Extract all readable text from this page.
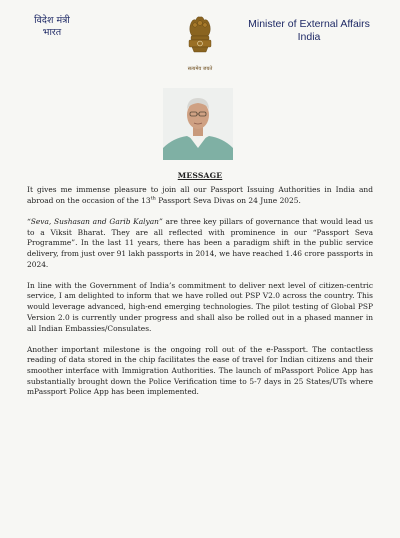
विदेश मंत्री
भारत
सत्यमेव जयते
Minister of External Affairs
India
MESSAGE

It gives me immense pleasure to join all our Passport Issuing Authorities in India and abroad on the occasion of the 13th Passport Seva Divas on 24 June 2025.

“Seva, Sushasan and Garib Kalyan” are three key pillars of governance that would lead us to a Viksit Bharat. They are all reflected with prominence in our “Passport Seva Programme”. In the last 11 years, there has been a paradigm shift in the public service delivery, from just over 91 lakh passports in 2014, we have reached 1.46 crore passports in 2024.

In line with the Government of India’s commitment to deliver next level of citizen-centric service, I am delighted to inform that we have rolled out PSP V2.0 across the country. This would leverage advanced, high-end emerging technologies. The pilot testing of Global PSP Version 2.0 is currently under progress and shall also be rolled out in a phased manner in all Indian Embassies/Consulates.

Another important milestone is the ongoing roll out of the e-Passport. The contactless reading of data stored in the chip facilitates the ease of travel for Indian citizens and their smoother interface with Immigration Authorities. The launch of mPassport Police App has substantially brought down the Police Verification time to 5-7 days in 25 States/UTs where mPassport Police App has been implemented.
